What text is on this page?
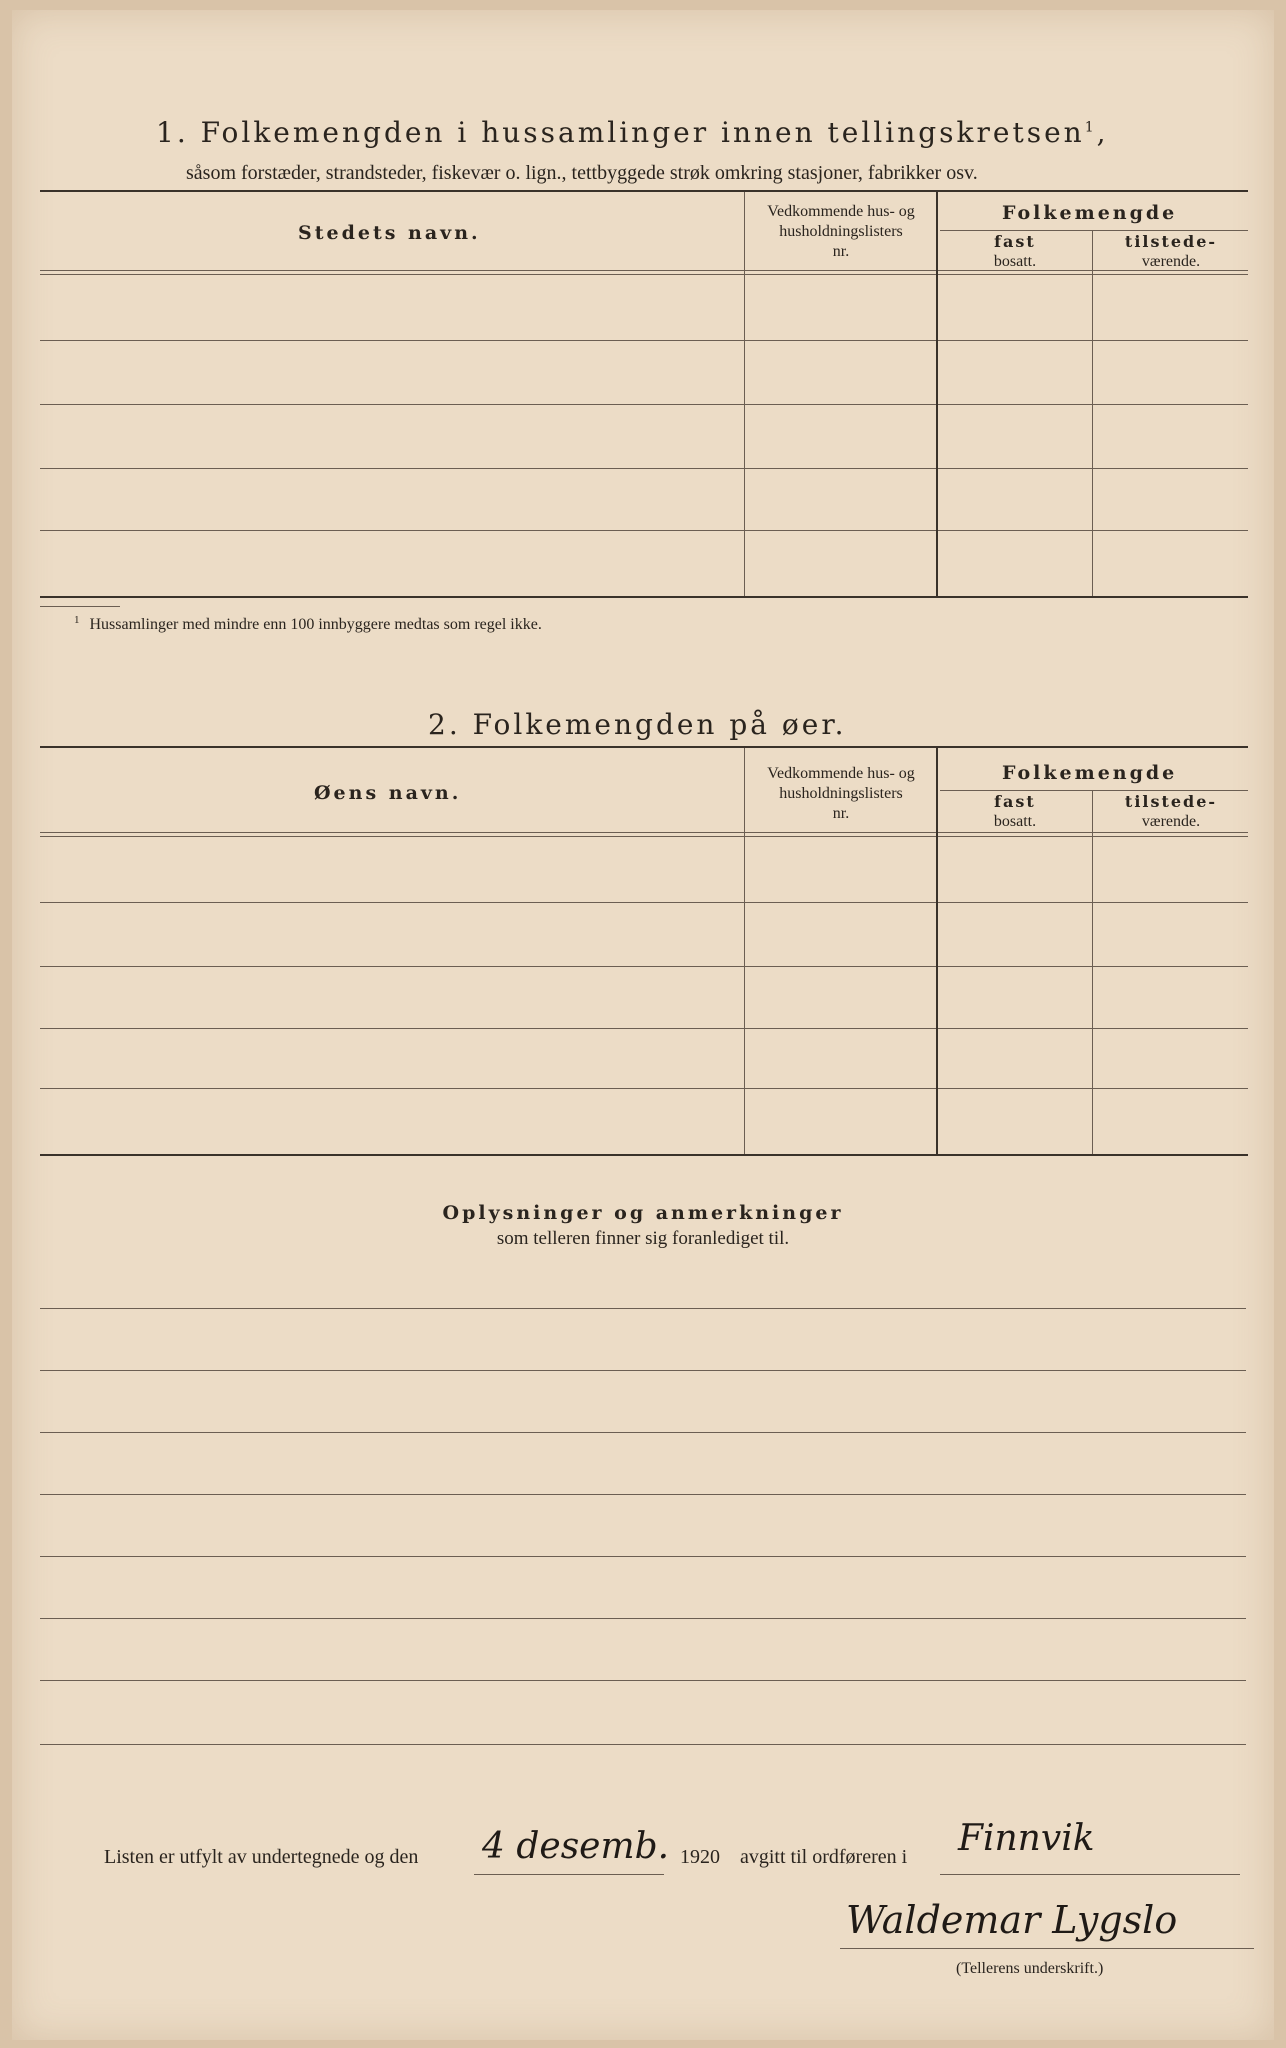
1. Folkemengden i hussamlinger innen tellingskretsen$^1$,
såsom forstæder, strandsteder, fiskevær o. lign., tettbyggede strøk omkring stasjoner, fabrikker osv.
Stedets navn.
Vedkommende hus- og
husholdningslisters
nr.
Folkemengde
fast
bosatt.
tilstede-
værende.
$^1$ Hussamlinger med mindre enn 100 innbyggere medtas som regel ikke.
2. Folkemengden på øer.
Øens navn.
Vedkommende hus- og
husholdningslisters
nr.
Folkemengde
fast
bosatt.
tilstede-
værende.
Oplysninger og anmerkninger
som telleren finner sig foranlediget til.
Listen er utfylt av undertegnede og den 4 desemb. 1920 avgitt til ordføreren i Finnvik
Waldemar Lygslo
(Tellerens underskrift.)
